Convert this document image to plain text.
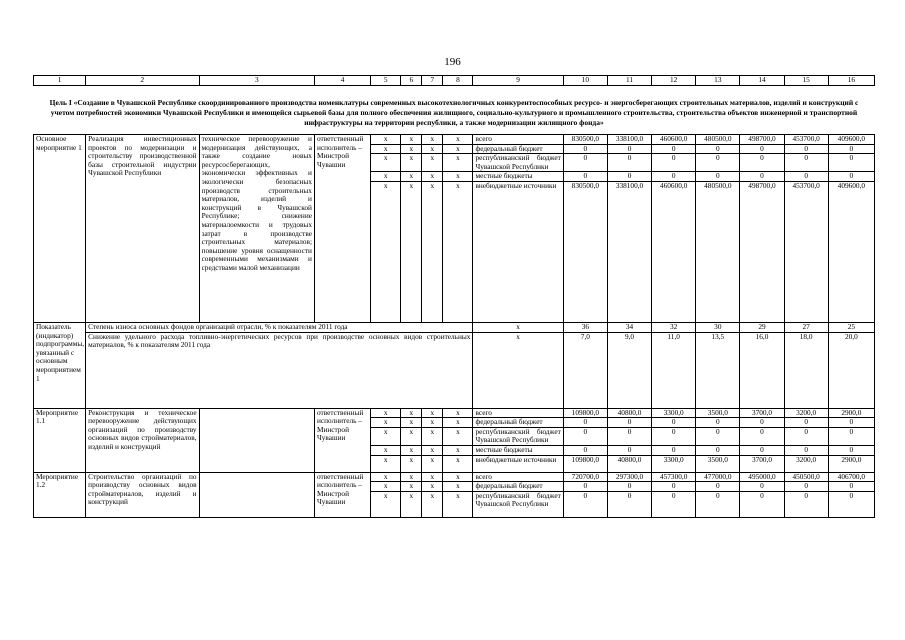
196
1	2	3	4	5	6	7	8	9	10	11	12	13	14	15	16
Цель I «Создание в Чувашской Республике скоординированного производства номенклатуры современных высокотехнологичных конкурентоспособных ресурсо- и энергосберегающих строительных материалов, изделий и конструкций с учетом потребностей экономики Чувашской Республики и имеющейся сырьевой базы для полного обеспечения жилищного, социально-культурного и промышленного строительства, строительства объектов инженерной и транспортной инфраструктуры на территории республики, а также модернизации жилищного фонда»															
Основное мероприятие 1	Реализация инвестиционных проектов по модернизации и строительству производственной базы строительной индустрии Чувашской Республики	техническое перевооружение и модернизация действующих, а также создание новых ресурсосберегающих, экономически эффективных и экологически безопасных производств строительных материалов, изделий и конструкций в Чувашской Республике; снижение материалоемкости и трудовых затрат в производстве строительных материалов; повышение уровня оснащенности современными механизмами и средствами малой механизации	ответственный исполнитель – Минстрой Чувашии	x	x	x	x	всего	830500,0	338100,0	460600,0	480500,0	498700,0	453700,0	409600,0
				x	x	x	x	федеральный бюджет	0	0	0	0	0	0	0
				x	x	x	x	республиканский бюджет Чувашской Республики	0	0	0	0	0	0	0
				x	x	x	x	местные бюджеты	0	0	0	0	0	0	0
				x	x	x	x	внебюджетные источники	830500,0	338100,0	460600,0	480500,0	498700,0	453700,0	409600,0
Показатель (индикатор) подпрограммы, увязанный с основным мероприятием 1	Степень износа основных фондов организаций отрасли, % к показателям 2011 года							x	36	34	32	30	29	27	25
	Снижение удельного расхода топливно-энергетических ресурсов при производстве основных видов строительных материалов, % к показателям 2011 года							x	7,0	9,0	11,0	13,5	16,0	18,0	20,0
Мероприятие 1.1	Реконструкция и техническое перевооружение действующих организаций по производству основных видов стройматериалов, изделий и конструкций		ответственный исполнитель – Минстрой Чувашии	x	x	x	x	всего	109800,0	40800,0	3300,0	3500,0	3700,0	3200,0	2900,0
				x	x	x	x	федеральный бюджет	0	0	0	0	0	0	0
				x	x	x	x	республиканский бюджет Чувашской Республики	0	0	0	0	0	0	0
				x	x	x	x	местные бюджеты	0	0	0	0	0	0	0
				x	x	x	x	внебюджетные источники	109800,0	40800,0	3300,0	3500,0	3700,0	3200,0	2900,0
Мероприятие 1.2	Строительство организаций по производству основных видов стройматериалов, изделий и конструкций		ответственный исполнитель – Минстрой Чувашии	x	x	x	x	всего	720700,0	297300,0	457300,0	477000,0	495000,0	450500,0	406700,0
				x	x	x	x	федеральный бюджет	0	0	0	0	0	0	0
				x	x	x	x	республиканский бюджет Чувашской Республики	0	0	0	0	0	0	0
